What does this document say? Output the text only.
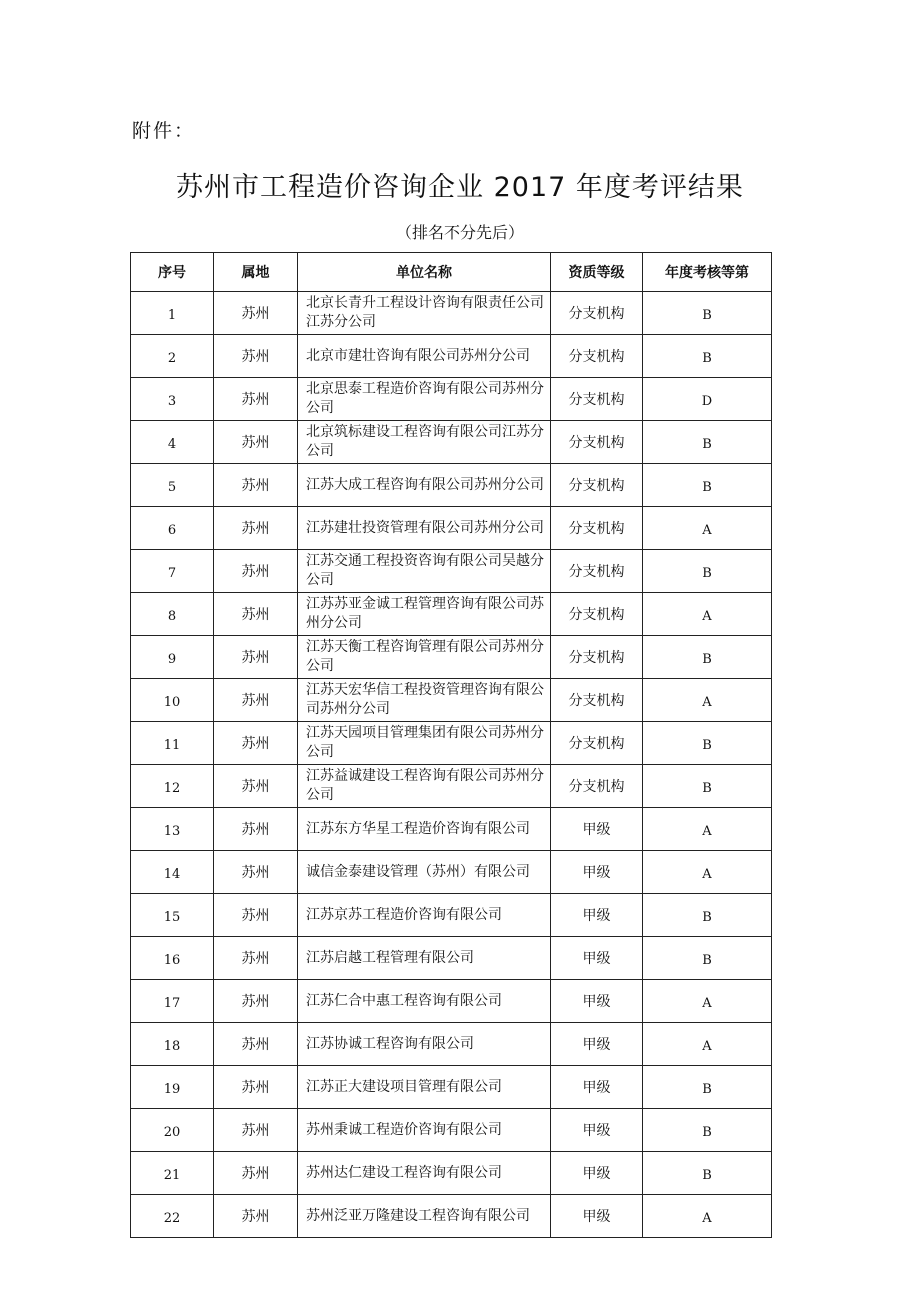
附件：
苏州市工程造价咨询企业 2017 年度考评结果
（排名不分先后）
序号	属地	单位名称	资质等级	年度考核等第
1	苏州	北京长青升工程设计咨询有限责任公司江苏分公司	分支机构	B
2	苏州	北京市建壮咨询有限公司苏州分公司	分支机构	B
3	苏州	北京思泰工程造价咨询有限公司苏州分公司	分支机构	D
4	苏州	北京筑标建设工程咨询有限公司江苏分公司	分支机构	B
5	苏州	江苏大成工程咨询有限公司苏州分公司	分支机构	B
6	苏州	江苏建壮投资管理有限公司苏州分公司	分支机构	A
7	苏州	江苏交通工程投资咨询有限公司吴越分公司	分支机构	B
8	苏州	江苏苏亚金诚工程管理咨询有限公司苏州分公司	分支机构	A
9	苏州	江苏天衡工程咨询管理有限公司苏州分公司	分支机构	B
10	苏州	江苏天宏华信工程投资管理咨询有限公司苏州分公司	分支机构	A
11	苏州	江苏天园项目管理集团有限公司苏州分公司	分支机构	B
12	苏州	江苏益诚建设工程咨询有限公司苏州分公司	分支机构	B
13	苏州	江苏东方华星工程造价咨询有限公司	甲级	A
14	苏州	诚信金泰建设管理（苏州）有限公司	甲级	A
15	苏州	江苏京苏工程造价咨询有限公司	甲级	B
16	苏州	江苏启越工程管理有限公司	甲级	B
17	苏州	江苏仁合中惠工程咨询有限公司	甲级	A
18	苏州	江苏协诚工程咨询有限公司	甲级	A
19	苏州	江苏正大建设项目管理有限公司	甲级	B
20	苏州	苏州秉诚工程造价咨询有限公司	甲级	B
21	苏州	苏州达仁建设工程咨询有限公司	甲级	B
22	苏州	苏州泛亚万隆建设工程咨询有限公司	甲级	A
